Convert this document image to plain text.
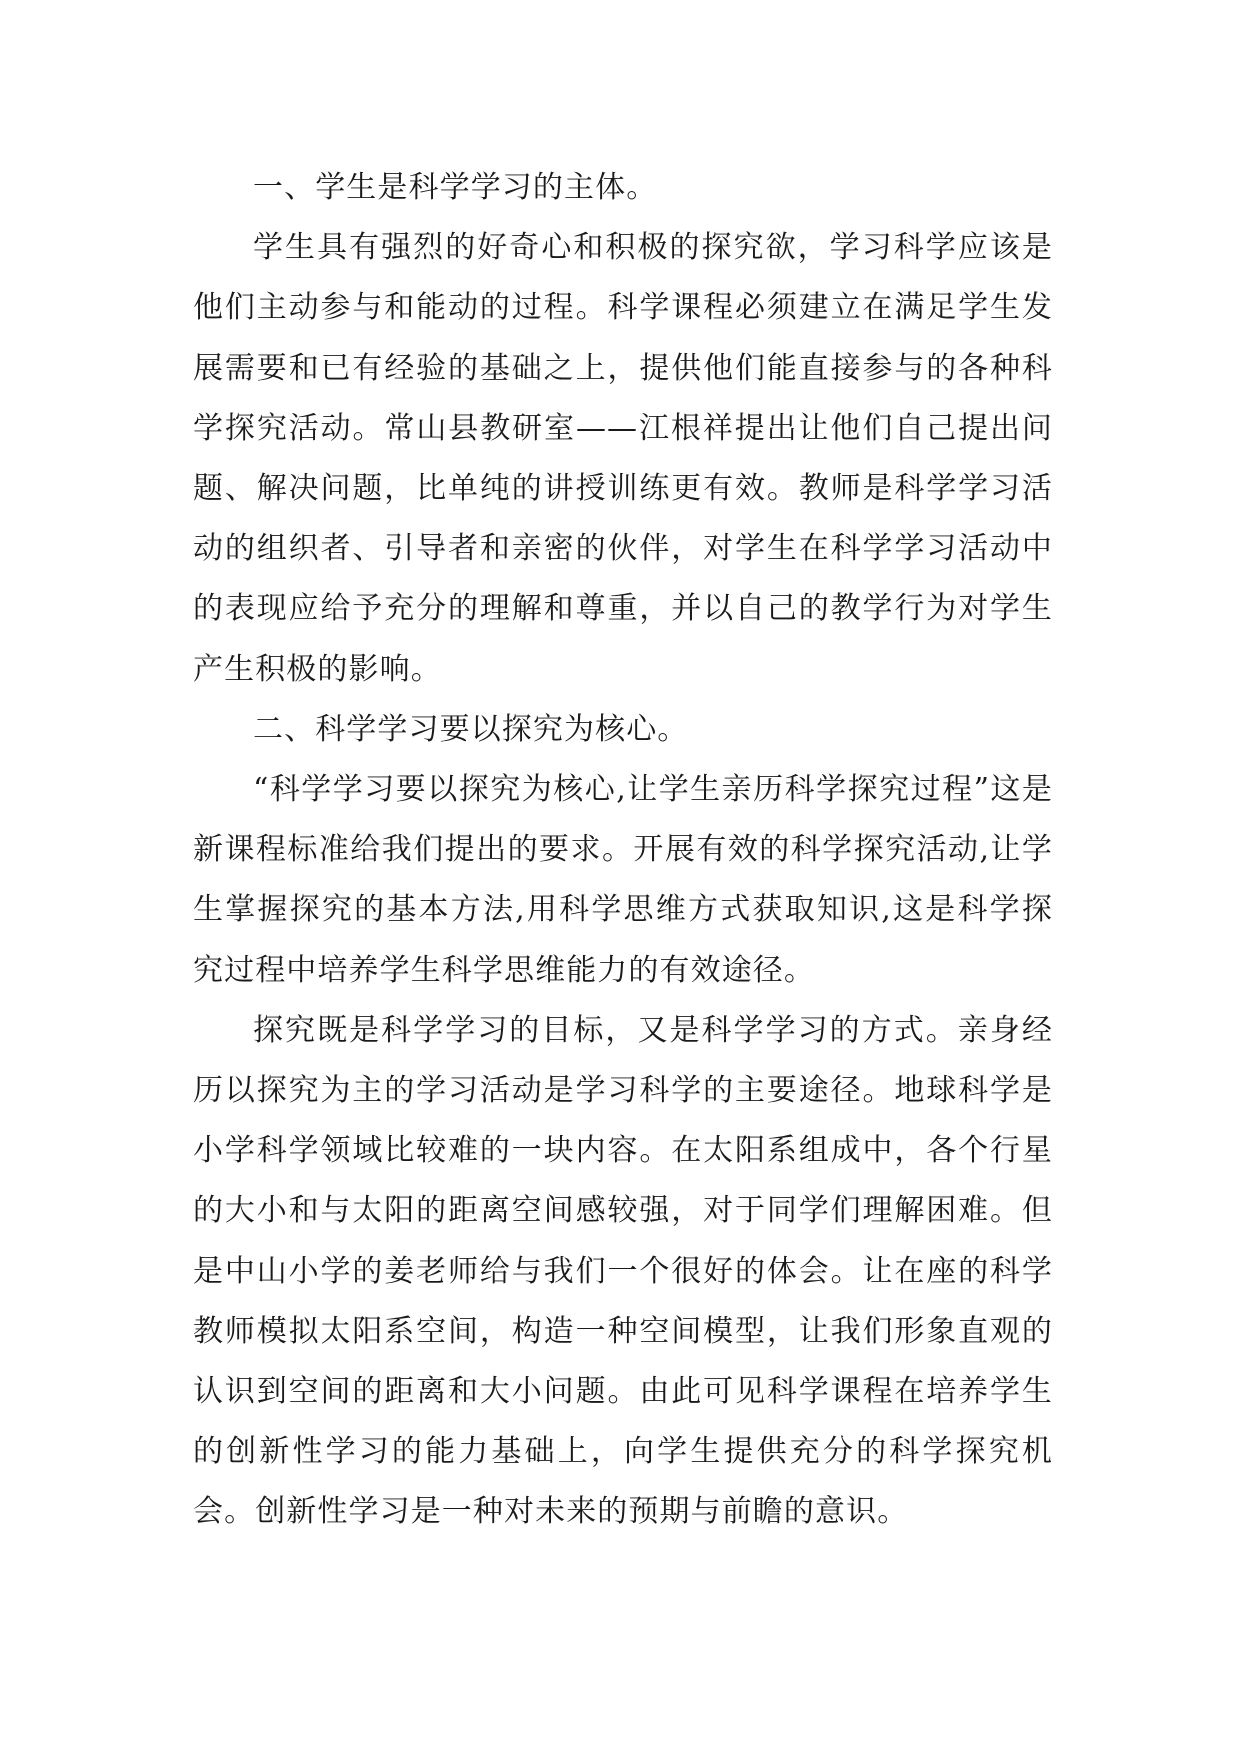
一、学生是科学学习的主体。

学生具有强烈的好奇心和积极的探究欲，学习科学应该是他们主动参与和能动的过程。科学课程必须建立在满足学生发展需要和已有经验的基础之上，提供他们能直接参与的各种科学探究活动。常山县教研室——江根祥提出让他们自己提出问题、解决问题，比单纯的讲授训练更有效。教师是科学学习活动的组织者、引导者和亲密的伙伴，对学生在科学学习活动中的表现应给予充分的理解和尊重，并以自己的教学行为对学生产生积极的影响。

二、科学学习要以探究为核心。

“科学学习要以探究为核心,让学生亲历科学探究过程”这是新课程标准给我们提出的要求。开展有效的科学探究活动,让学生掌握探究的基本方法,用科学思维方式获取知识,这是科学探究过程中培养学生科学思维能力的有效途径。

探究既是科学学习的目标，又是科学学习的方式。亲身经历以探究为主的学习活动是学习科学的主要途径。地球科学是小学科学领域比较难的一块内容。在太阳系组成中，各个行星的大小和与太阳的距离空间感较强，对于同学们理解困难。但是中山小学的姜老师给与我们一个很好的体会。让在座的科学教师模拟太阳系空间，构造一种空间模型，让我们形象直观的认识到空间的距离和大小问题。由此可见科学课程在培养学生的创新性学习的能力基础上，向学生提供充分的科学探究机会。创新性学习是一种对未来的预期与前瞻的意识。
